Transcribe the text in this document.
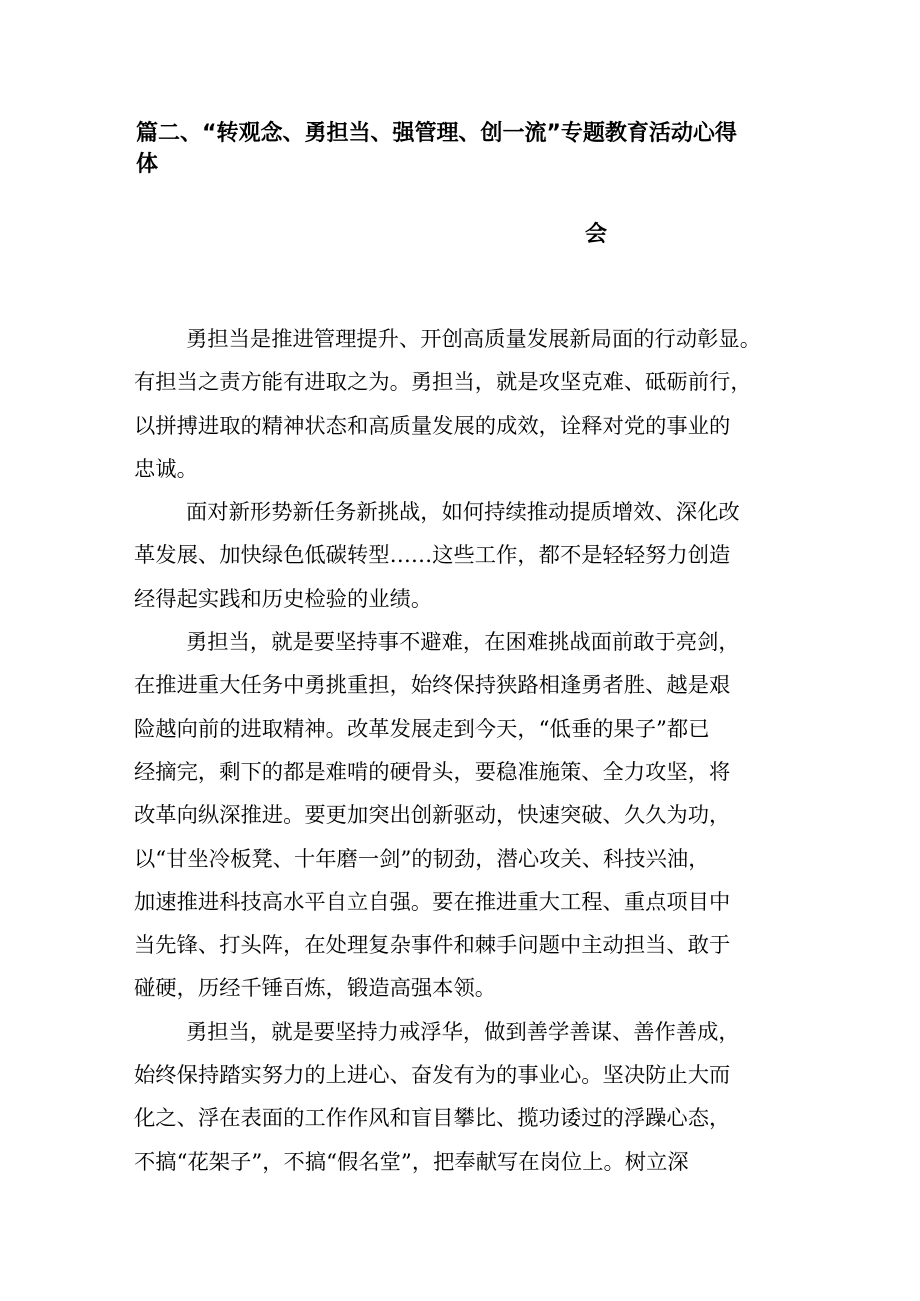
篇二、“转观念、勇担当、强管理、创一流”专题教育活动心得
体
会

勇担当是推进管理提升、开创高质量发展新局面的行动彰显。
有担当之责方能有进取之为。勇担当，就是攻坚克难、砥砺前行，
以拼搏进取的精神状态和高质量发展的成效，诠释对党的事业的
忠诚。

面对新形势新任务新挑战，如何持续推动提质增效、深化改
革发展、加快绿色低碳转型……这些工作，都不是轻轻努力创造
经得起实践和历史检验的业绩。

勇担当，就是要坚持事不避难，在困难挑战面前敢于亮剑，
在推进重大任务中勇挑重担，始终保持狭路相逢勇者胜、越是艰
险越向前的进取精神。改革发展走到今天，“低垂的果子”都已
经摘完，剩下的都是难啃的硬骨头，要稳准施策、全力攻坚，将
改革向纵深推进。要更加突出创新驱动，快速突破、久久为功，
以“甘坐冷板凳、十年磨一剑”的韧劲，潜心攻关、科技兴油，
加速推进科技高水平自立自强。要在推进重大工程、重点项目中
当先锋、打头阵，在处理复杂事件和棘手问题中主动担当、敢于
碰硬，历经千锤百炼，锻造高强本领。

勇担当，就是要坚持力戒浮华，做到善学善谋、善作善成，
始终保持踏实努力的上进心、奋发有为的事业心。坚决防止大而
化之、浮在表面的工作作风和盲目攀比、揽功诿过的浮躁心态，
不搞“花架子”，不搞“假名堂”，把奉献写在岗位上。树立深
